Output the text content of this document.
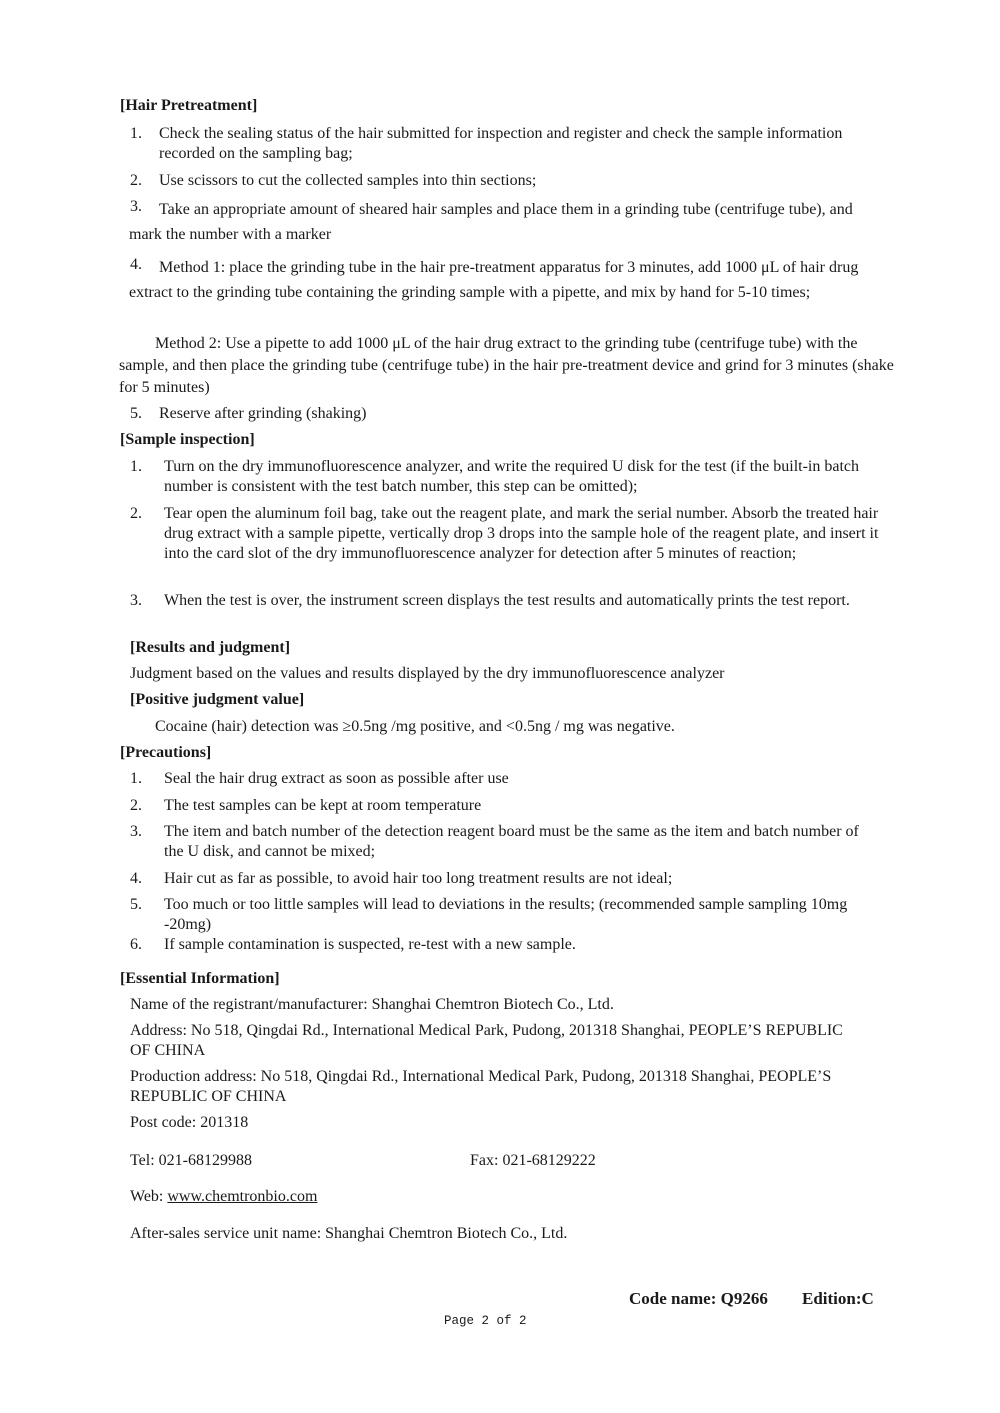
[Hair Pretreatment]
1. Check the sealing status of the hair submitted for inspection and register and check the sample information recorded on the sampling bag;
2. Use scissors to cut the collected samples into thin sections;
3.	Take an appropriate amount of sheared hair samples and place them in a grinding tube (centrifuge tube), and mark the number with a marker
4.	Method 1: place the grinding tube in the hair pre-treatment apparatus for 3 minutes, add 1000 μL of hair drug extract to the grinding tube containing the grinding sample with a pipette, and mix by hand for 5-10 times;
Method 2: Use a pipette to add 1000 μL of the hair drug extract to the grinding tube (centrifuge tube) with the sample, and then place the grinding tube (centrifuge tube) in the hair pre-treatment device and grind for 3 minutes (shake for 5 minutes)
5. Reserve after grinding (shaking)
[Sample inspection]
1. Turn on the dry immunofluorescence analyzer, and write the required U disk for the test (if the built-in batch number is consistent with the test batch number, this step can be omitted);
2. Tear open the aluminum foil bag, take out the reagent plate, and mark the serial number. Absorb the treated hair drug extract with a sample pipette, vertically drop 3 drops into the sample hole of the reagent plate, and insert it into the card slot of the dry immunofluorescence analyzer for detection after 5 minutes of reaction;
3. When the test is over, the instrument screen displays the test results and automatically prints the test report.
[Results and judgment]
Judgment based on the values and results displayed by the dry immunofluorescence analyzer
[Positive judgment value]
Cocaine (hair) detection was ≥0.5ng /mg positive, and <0.5ng / mg was negative.
[Precautions]
1. Seal the hair drug extract as soon as possible after use
2. The test samples can be kept at room temperature
3. The item and batch number of the detection reagent board must be the same as the item and batch number of the U disk, and cannot be mixed;
4. Hair cut as far as possible, to avoid hair too long treatment results are not ideal;
5. Too much or too little samples will lead to deviations in the results; (recommended sample sampling 10mg -20mg)
6. If sample contamination is suspected, re-test with a new sample.
[Essential Information]
Name of the registrant/manufacturer: Shanghai Chemtron Biotech Co., Ltd.
Address: No 518, Qingdai Rd., International Medical Park, Pudong, 201318 Shanghai, PEOPLE’S REPUBLIC OF CHINA
Production address: No 518, Qingdai Rd., International Medical Park, Pudong, 201318 Shanghai, PEOPLE’S REPUBLIC OF CHINA
Post code: 201318
Tel: 021-68129988	Fax: 021-68129222
Web: www.chemtronbio.com
After-sales service unit name: Shanghai Chemtron Biotech Co., Ltd.
Code name: Q9266 Edition:C
Page 2 of 2
